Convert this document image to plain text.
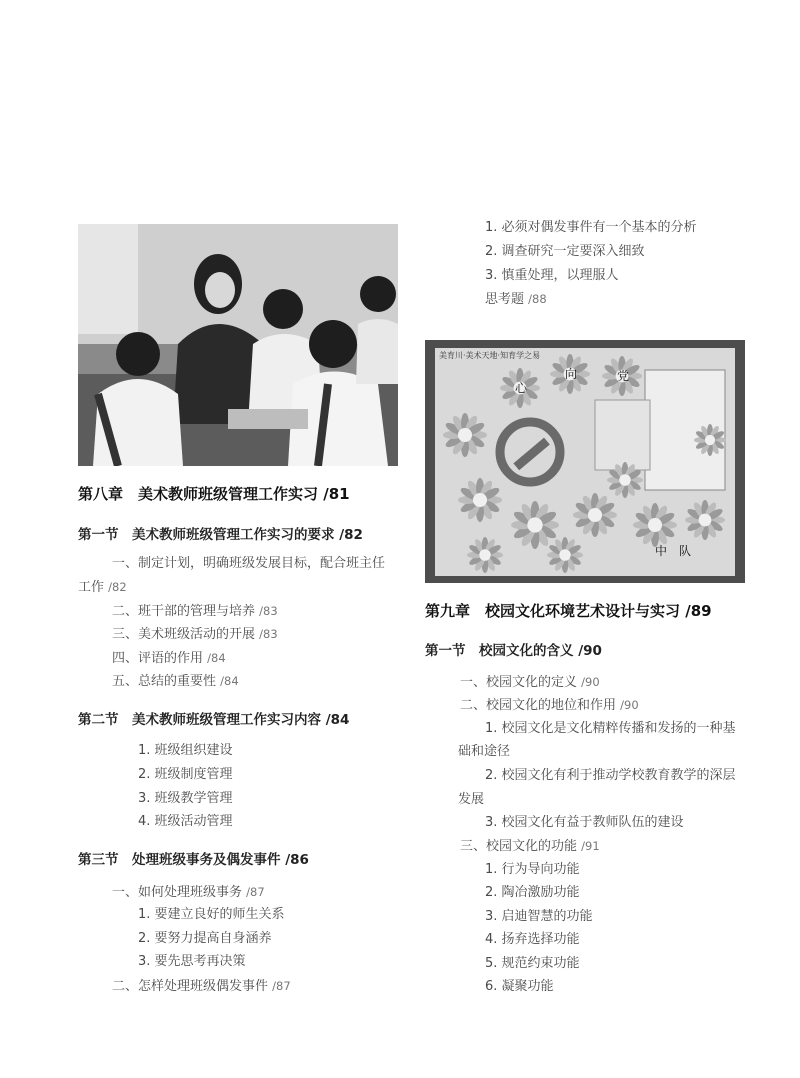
第八章　美术教师班级管理工作实习 /81
第一节　美术教师班级管理工作实习的要求 /82
一、制定计划，明确班级发展目标，配合班主任
工作 /82
二、班干部的管理与培养 /83
三、美术班级活动的开展 /83
四、评语的作用 /84
五、总结的重要性 /84
第二节　美术教师班级管理工作实习内容 /84
1. 班级组织建设
2. 班级制度管理
3. 班级教学管理
4. 班级活动管理
第三节　处理班级事务及偶发事件 /86
一、如何处理班级事务 /87
1. 要建立良好的师生关系
2. 要努力提高自身涵养
3. 要先思考再决策
二、怎样处理班级偶发事件 /87
1. 必须对偶发事件有一个基本的分析
2. 调查研究一定要深入细致
3. 慎重处理，以理服人
思考题 /88
美育川·美术天地·知育学之易
心
向	党
中　队
第九章　校园文化环境艺术设计与实习 /89
第一节　校园文化的含义 /90
一、校园文化的定义 /90
二、校园文化的地位和作用 /90
1. 校园文化是文化精粹传播和发扬的一种基
础和途径
2. 校园文化有利于推动学校教育教学的深层
发展
3. 校园文化有益于教师队伍的建设
三、校园文化的功能 /91
1. 行为导向功能
2. 陶冶激励功能
3. 启迪智慧的功能
4. 扬弃选择功能
5. 规范约束功能
6. 凝聚功能
